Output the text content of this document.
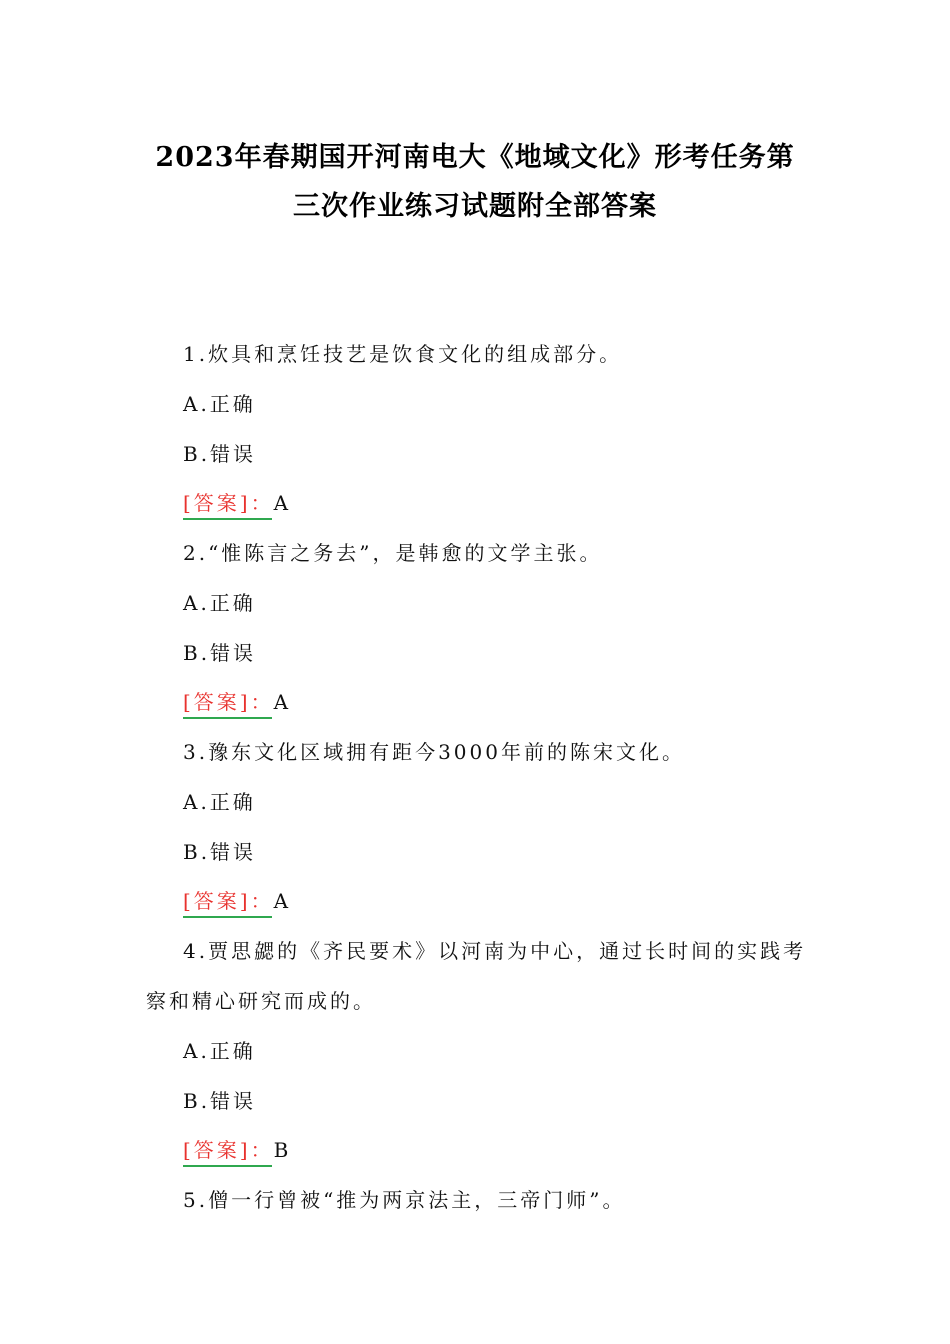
2023年春期国开河南电大《地域文化》形考任务第
三次作业练习试题附全部答案
1.炊具和烹饪技艺是饮食文化的组成部分。
A.正确
B.错误
[答案]：
A
2.“惟陈言之务去”，是韩愈的文学主张。
A.正确
B.错误
[答案]：
A
3.豫东文化区域拥有距今3000年前的陈宋文化。
A.正确
B.错误
[答案]：
A
4.贾思勰的《齐民要术》以河南为中心，通过长时间的实践考
察和精心研究而成的。
A.正确
B.错误
[答案]：
B
5.僧一行曾被“推为两京法主，三帝门师”。
